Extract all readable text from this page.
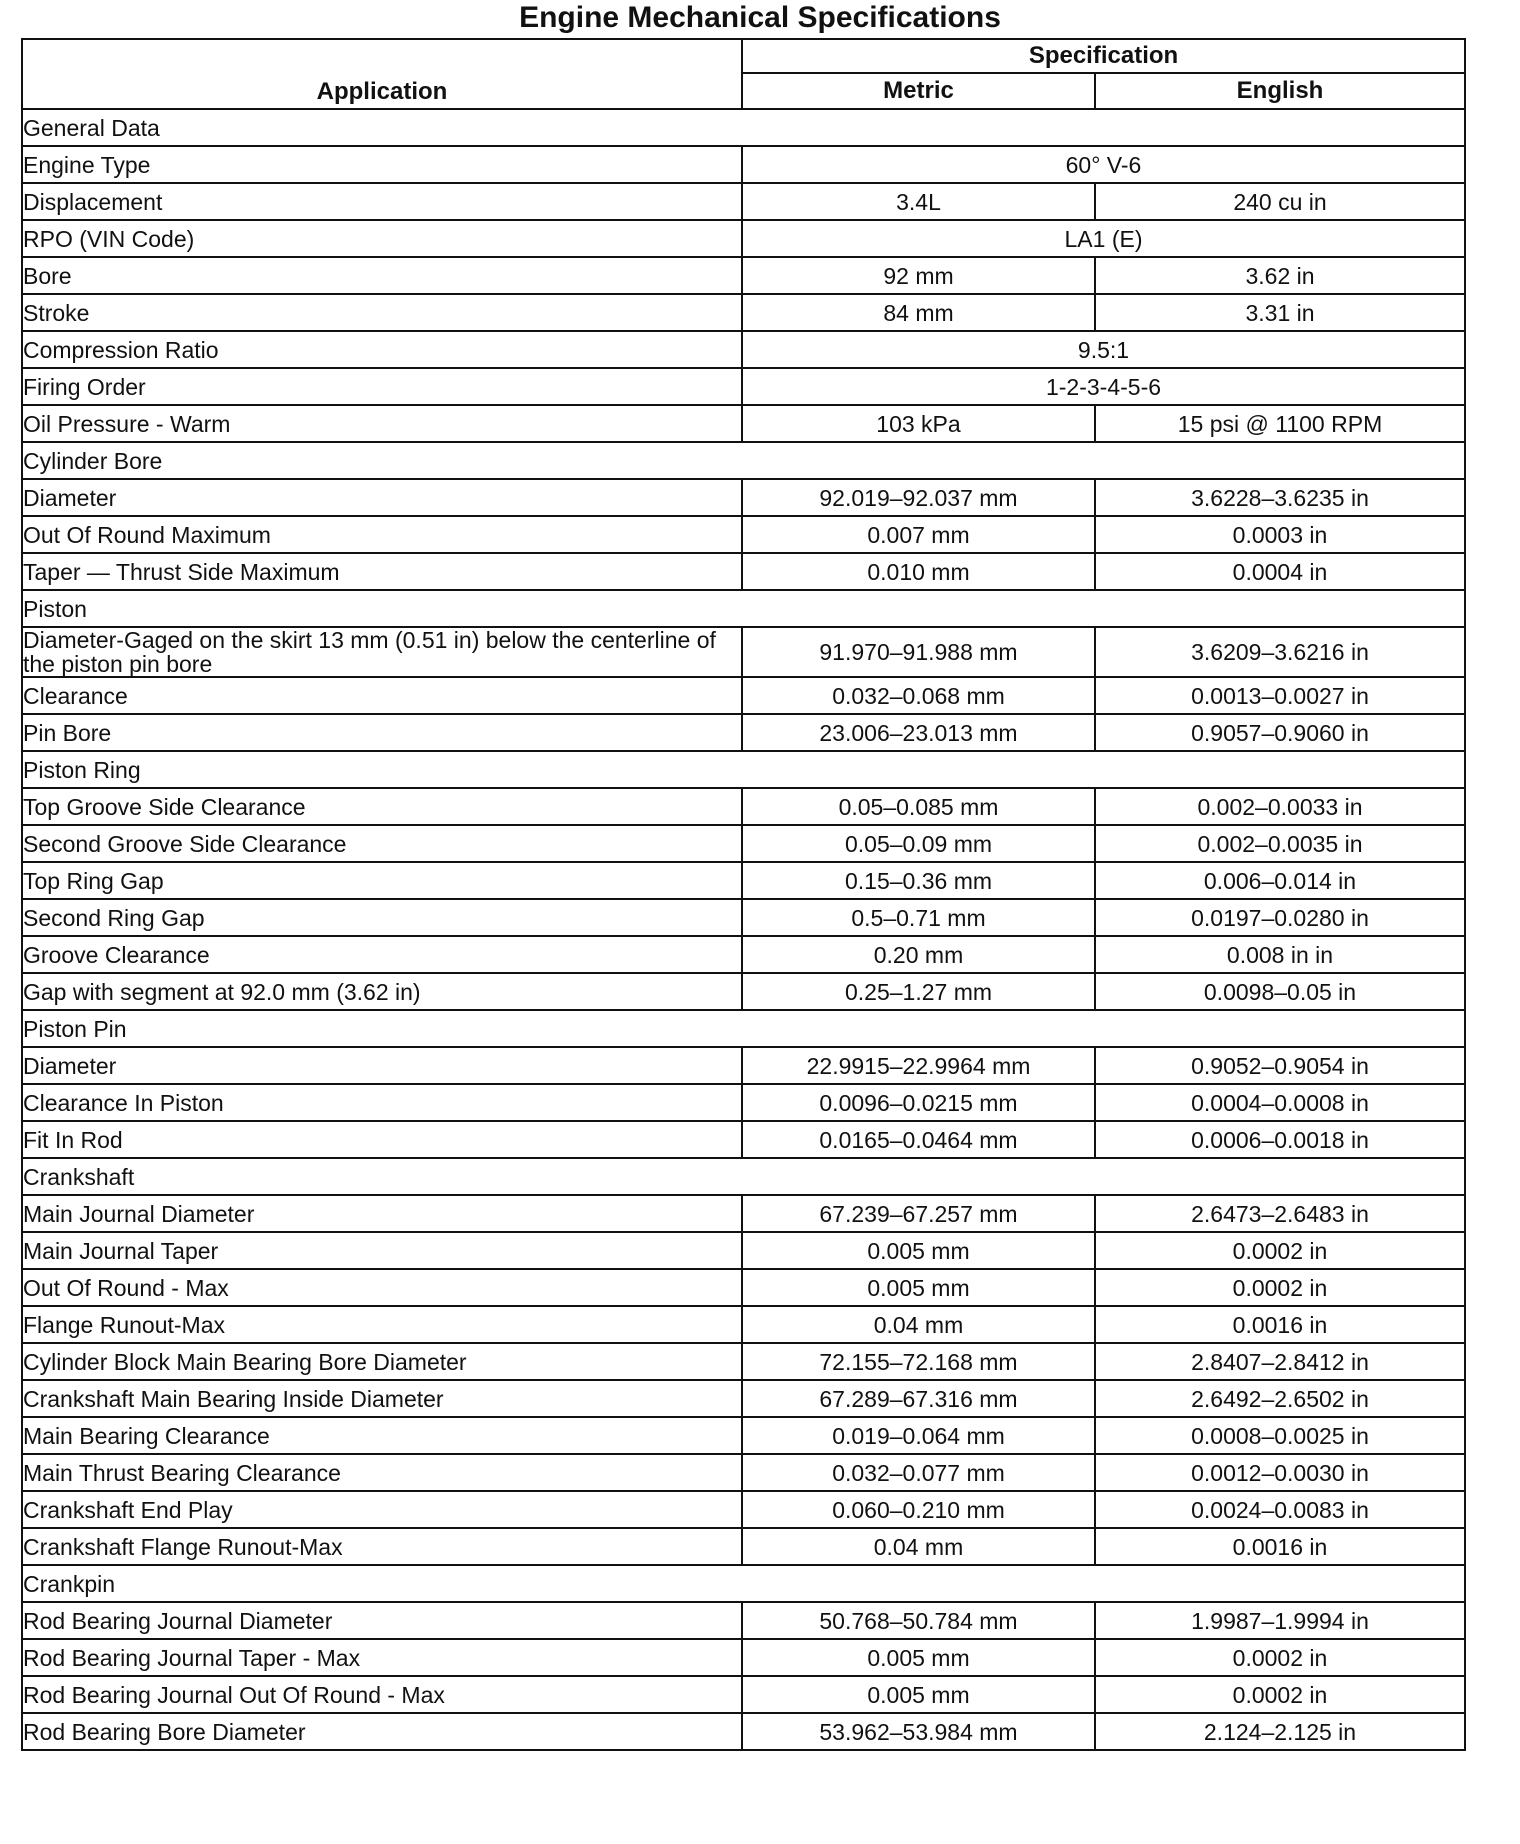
Engine Mechanical Specifications
Application	Specification	
	Metric	English
General Data		
Engine Type	60° V-6	
Displacement	3.4L	240 cu in
RPO (VIN Code)	LA1 (E)	
Bore	92 mm	3.62 in
Stroke	84 mm	3.31 in
Compression Ratio	9.5:1	
Firing Order	1-2-3-4-5-6	
Oil Pressure - Warm	103 kPa	15 psi @ 1100 RPM
Cylinder Bore		
Diameter	92.019–92.037 mm	3.6228–3.6235 in
Out Of Round Maximum	0.007 mm	0.0003 in
Taper — Thrust Side Maximum	0.010 mm	0.0004 in
Piston		
Diameter-Gaged on the skirt 13 mm (0.51 in) below the centerline of the piston pin bore	91.970–91.988 mm	3.6209–3.6216 in
Clearance	0.032–0.068 mm	0.0013–0.0027 in
Pin Bore	23.006–23.013 mm	0.9057–0.9060 in
Piston Ring		
Top Groove Side Clearance	0.05–0.085 mm	0.002–0.0033 in
Second Groove Side Clearance	0.05–0.09 mm	0.002–0.0035 in
Top Ring Gap	0.15–0.36 mm	0.006–0.014 in
Second Ring Gap	0.5–0.71 mm	0.0197–0.0280 in
Groove Clearance	0.20 mm	0.008 in in
Gap with segment at 92.0 mm (3.62 in)	0.25–1.27 mm	0.0098–0.05 in
Piston Pin		
Diameter	22.9915–22.9964 mm	0.9052–0.9054 in
Clearance In Piston	0.0096–0.0215 mm	0.0004–0.0008 in
Fit In Rod	0.0165–0.0464 mm	0.0006–0.0018 in
Crankshaft		
Main Journal Diameter	67.239–67.257 mm	2.6473–2.6483 in
Main Journal Taper	0.005 mm	0.0002 in
Out Of Round - Max	0.005 mm	0.0002 in
Flange Runout-Max	0.04 mm	0.0016 in
Cylinder Block Main Bearing Bore Diameter	72.155–72.168 mm	2.8407–2.8412 in
Crankshaft Main Bearing Inside Diameter	67.289–67.316 mm	2.6492–2.6502 in
Main Bearing Clearance	0.019–0.064 mm	0.0008–0.0025 in
Main Thrust Bearing Clearance	0.032–0.077 mm	0.0012–0.0030 in
Crankshaft End Play	0.060–0.210 mm	0.0024–0.0083 in
Crankshaft Flange Runout-Max	0.04 mm	0.0016 in
Crankpin		
Rod Bearing Journal Diameter	50.768–50.784 mm	1.9987–1.9994 in
Rod Bearing Journal Taper - Max	0.005 mm	0.0002 in
Rod Bearing Journal Out Of Round - Max	0.005 mm	0.0002 in
Rod Bearing Bore Diameter	53.962–53.984 mm	2.124–2.125 in
